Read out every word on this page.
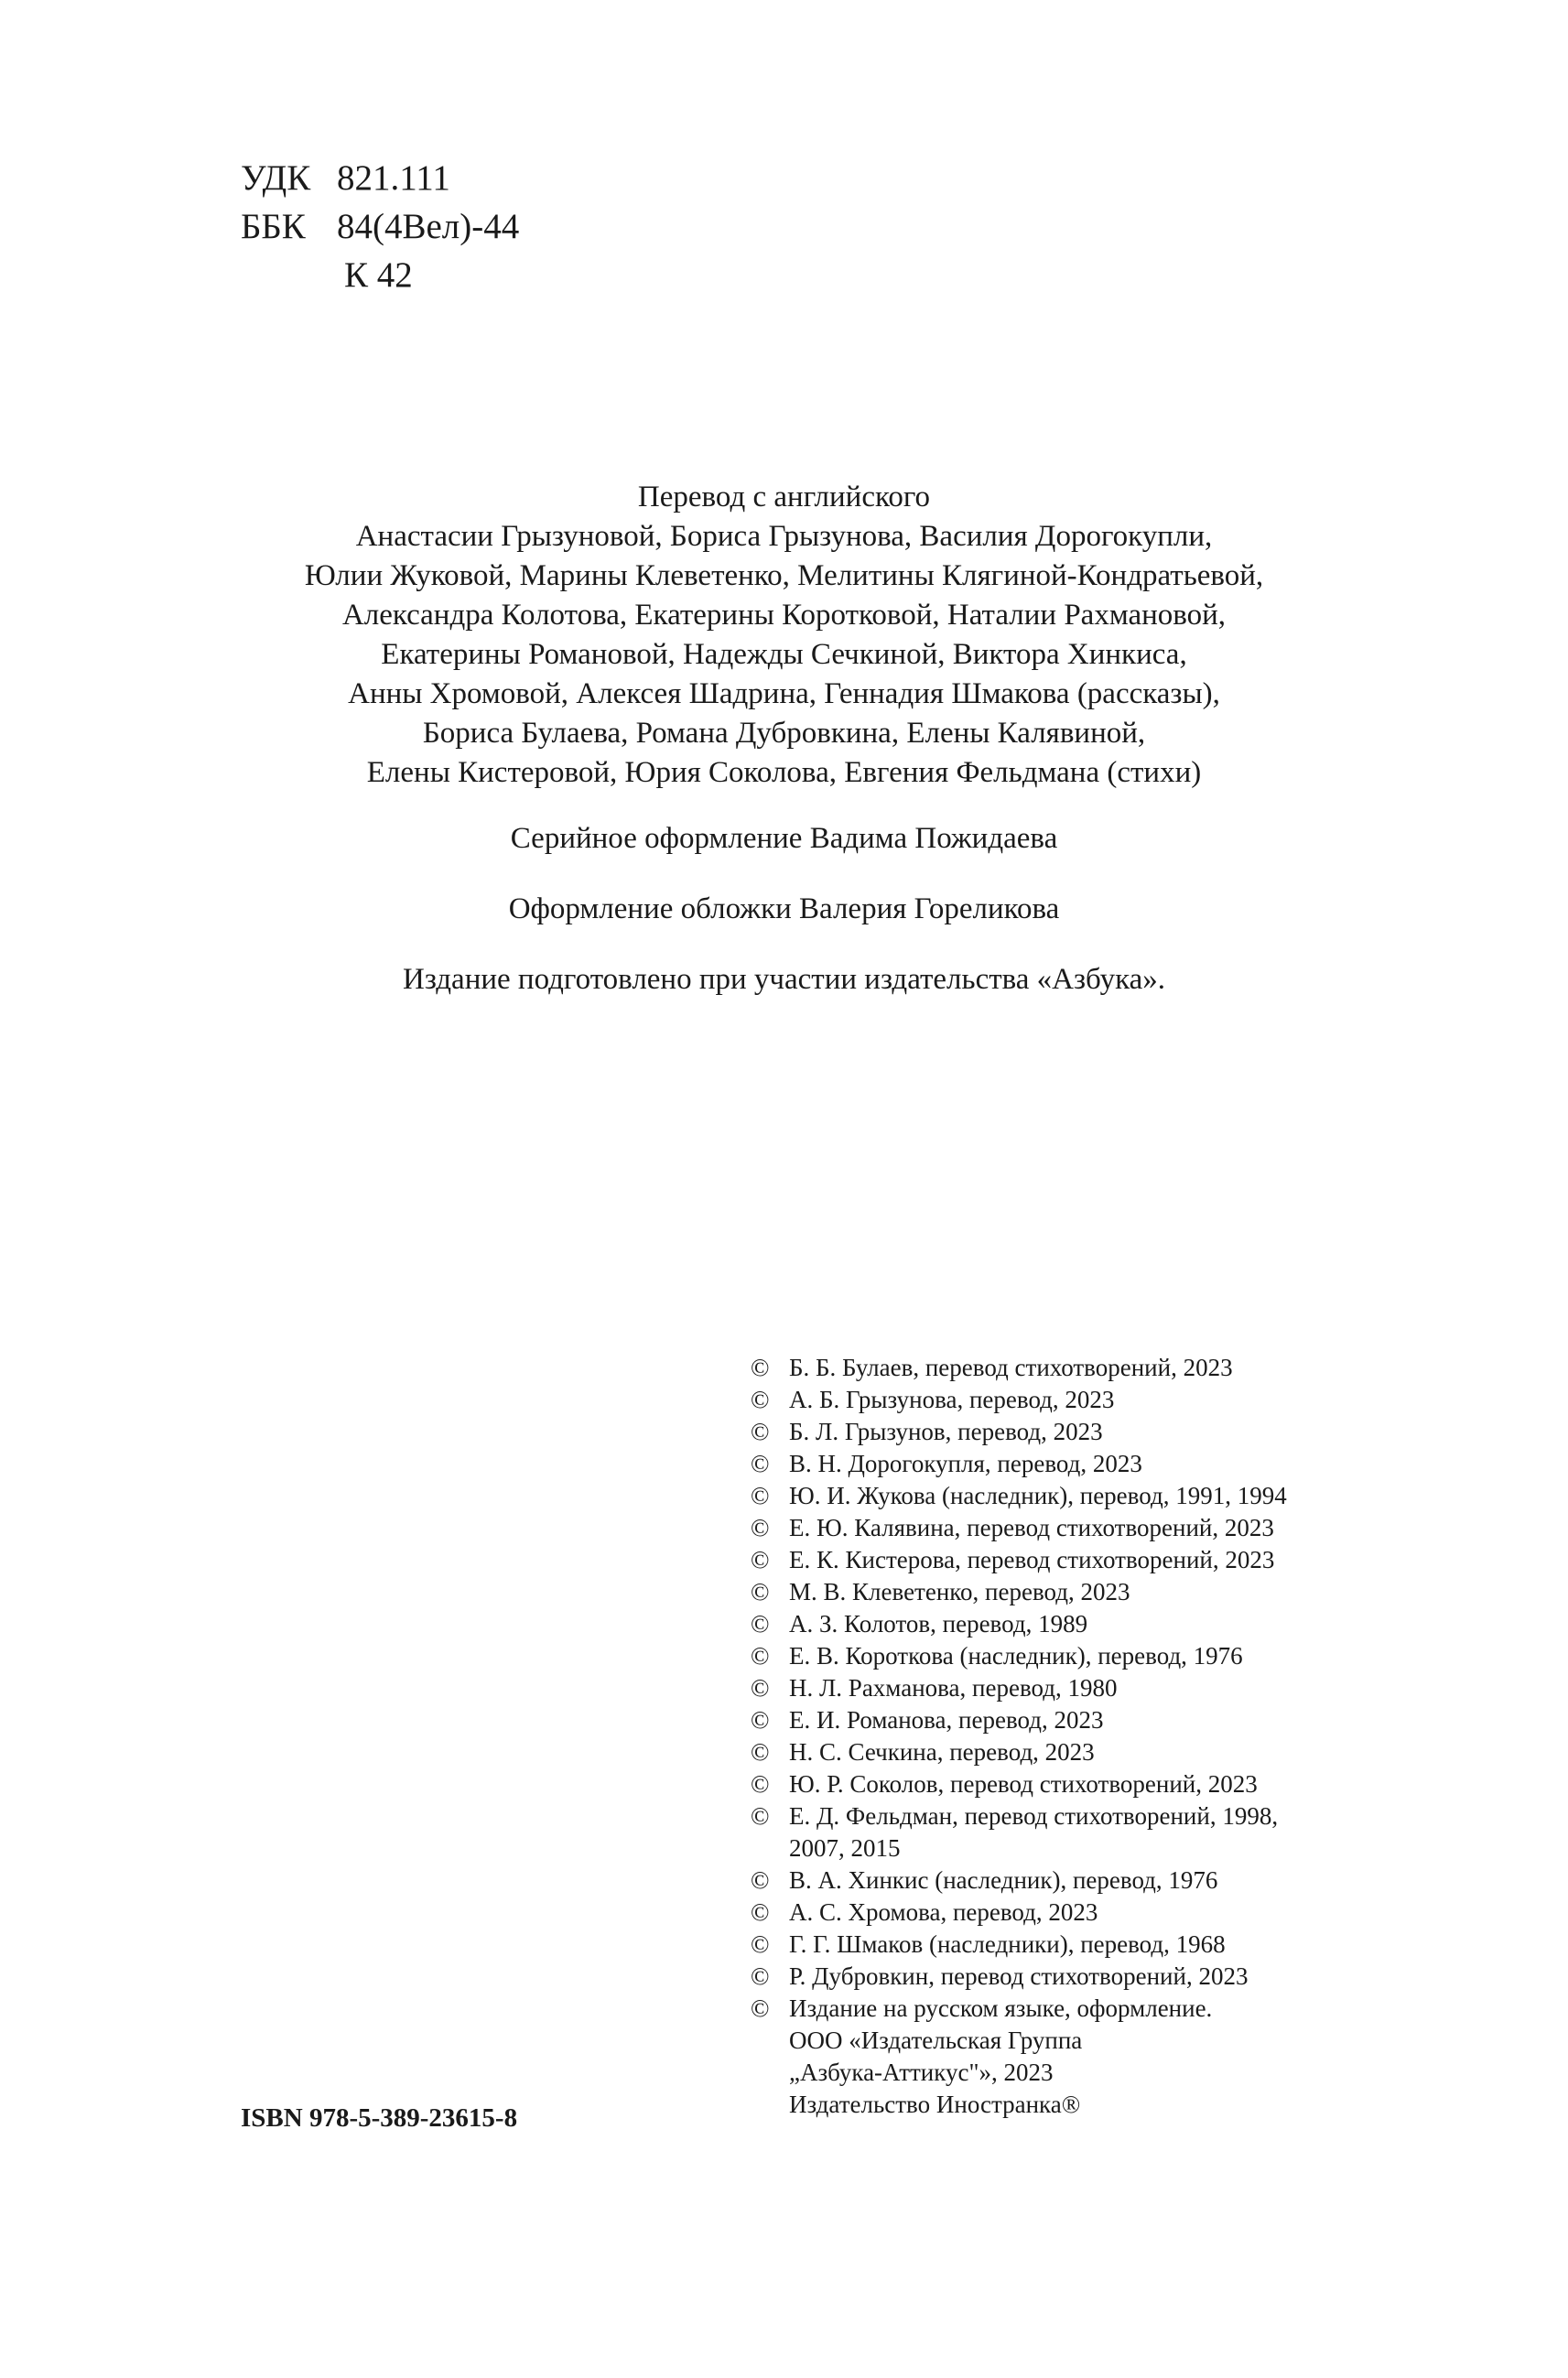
УДК 821.111
ББК 84(4Вел)-44
К 42
Перевод с английского
Анастасии Грызуновой, Бориса Грызунова, Василия Дорогокупли,
Юлии Жуковой, Марины Клеветенко, Мелитины Клягиной-Кондратьевой,
Александра Колотова, Екатерины Коротковой, Наталии Рахмановой,
Екатерины Романовой, Надежды Сечкиной, Виктора Хинкиса,
Анны Хромовой, Алексея Шадрина, Геннадия Шмакова (рассказы),
Бориса Булаева, Романа Дубровкина, Елены Калявиной,
Елены Кистеровой, Юрия Соколова, Евгения Фельдмана (стихи)
Серийное оформление Вадима Пожидаева
Оформление обложки Валерия Гореликова
Издание подготовлено при участии издательства «Азбука».
© Б. Б. Булаев, перевод стихотворений, 2023
© А. Б. Грызунова, перевод, 2023
© Б. Л. Грызунов, перевод, 2023
© В. Н. Дорогокупля, перевод, 2023
© Ю. И. Жукова (наследник), перевод, 1991, 1994
© Е. Ю. Калявина, перевод стихотворений, 2023
© Е. К. Кистерова, перевод стихотворений, 2023
© М. В. Клеветенко, перевод, 2023
© А. З. Колотов, перевод, 1989
© Е. В. Короткова (наследник), перевод, 1976
© Н. Л. Рахманова, перевод, 1980
© Е. И. Романова, перевод, 2023
© Н. С. Сечкина, перевод, 2023
© Ю. Р. Соколов, перевод стихотворений, 2023
© Е. Д. Фельдман, перевод стихотворений, 1998,
2007, 2015
© В. А. Хинкис (наследник), перевод, 1976
© А. С. Хромова, перевод, 2023
© Г. Г. Шмаков (наследники), перевод, 1968
© Р. Дубровкин, перевод стихотворений, 2023
© Издание на русском языке, оформление.
ООО «Издательская Группа
„Азбука-Аттикус"», 2023
Издательство Иностранка®
ISBN 978-5-389-23615-8
